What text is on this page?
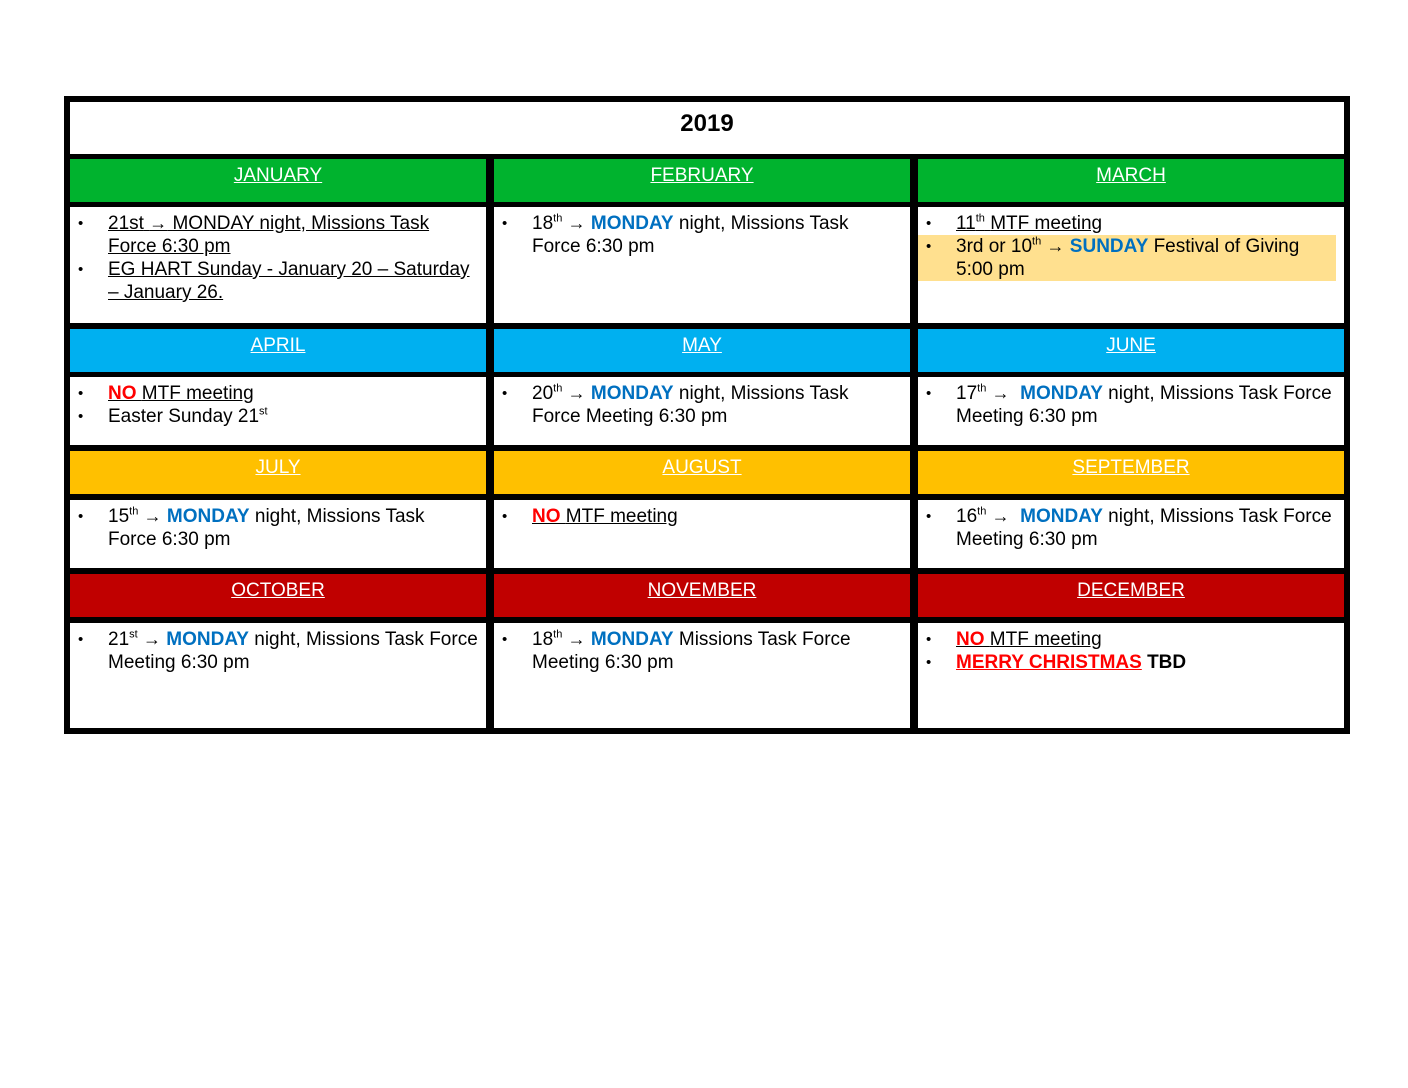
2019
JANUARY	FEBRUARY	MARCH
• 21st → MONDAY night, Missions Task Force 6:30 pm
• EG HART Sunday - January 20 – Saturday – January 26.
• 18th → MONDAY night, Missions Task Force 6:30 pm
• 11th MTF meeting
• 3rd or 10th → SUNDAY Festival of Giving 5:00 pm
APRIL	MAY	JUNE
• NO MTF meeting
• Easter Sunday 21st
• 20th → MONDAY night, Missions Task Force Meeting 6:30 pm
• 17th → MONDAY night, Missions Task Force Meeting 6:30 pm
JULY	AUGUST	SEPTEMBER
• 15th → MONDAY night, Missions Task Force 6:30 pm
• NO MTF meeting
•	16th → MONDAY night, Missions Task Force Meeting 6:30 pm
OCTOBER	NOVEMBER	DECEMBER
• 21st → MONDAY night, Missions Task Force Meeting 6:30 pm
• 18th → MONDAY Missions Task Force Meeting 6:30 pm
• NO MTF meeting
• MERRY CHRISTMAS TBD
